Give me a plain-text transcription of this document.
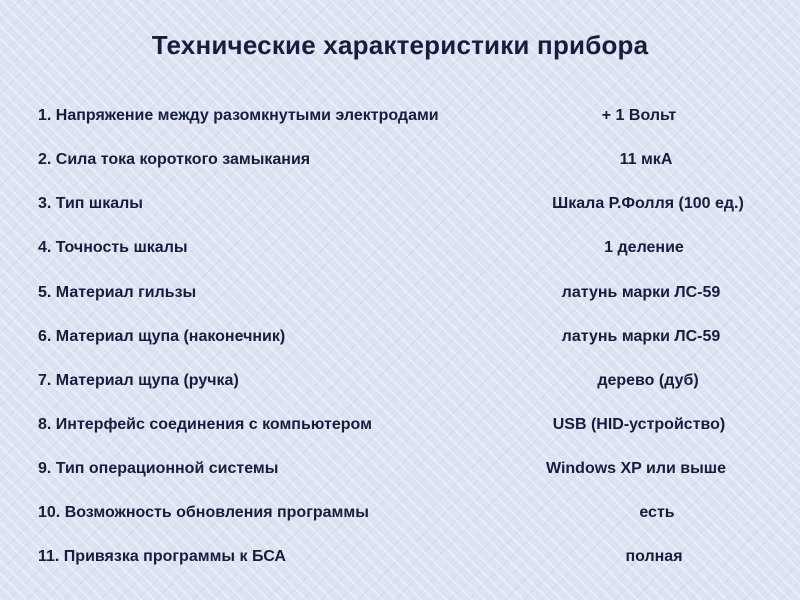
Технические характеристики прибора
1. Напряжение между разомкнутыми электродами	+ 1 Вольт
2. Сила тока короткого замыкания	11 мкА
3. Тип шкалы	Шкала Р.Фолля (100 ед.)
4. Точность шкалы	1 деление
5. Материал гильзы	латунь марки ЛС-59
6. Материал щупа (наконечник)	латунь марки ЛС-59
7. Материал щупа (ручка)	дерево (дуб)
8. Интерфейс соединения с компьютером	USB (HID-устройство)
9. Тип операционной системы	Windows XP или выше
10. Возможность обновления программы	есть
11. Привязка программы к БСА	полная
